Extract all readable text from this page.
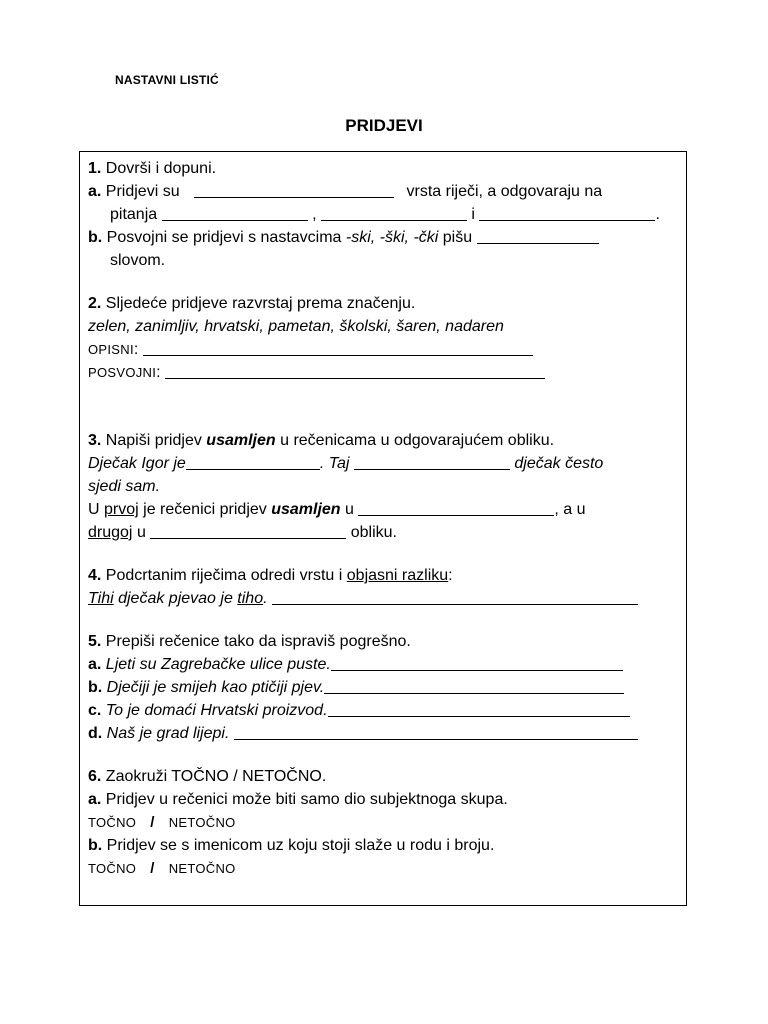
NASTAVNI LISTIĆ
PRIDJEVI
1. Dovrši i dopuni.
a. Pridjevi su	vrsta riječi, a odgovaraju na
pitanja	,	i	.
b. Posvojni se pridjevi s nastavcima -ski, -ški, -čki pišu
slovom.
2. Sljedeće pridjeve razvrstaj prema značenju.
zelen, zanimljiv, hrvatski, pametan, školski, šaren, nadaren
OPISNI:
POSVOJNI:
3. Napiši pridjev usamljen u rečenicama u odgovarajućem obliku.
Dječak Igor je	. Taj	dječak često
sjedi sam.
U prvoj je rečenici pridjev usamljen u	, a u
drugoj u	obliku.
4. Podcrtanim riječima odredi vrstu i objasni razliku:
Tihi dječak pjevao je tiho.
5. Prepiši rečenice tako da ispraviš pogrešno.
a. Ljeti su Zagrebačke ulice puste.
b. Dječiji je smijeh kao ptičiji pjev.
c. To je domaći Hrvatski proizvod.
d. Naš je grad lijepi.
6. Zaokruži TOČNO / NETOČNO.
a. Pridjev u rečenici može biti samo dio subjektnoga skupa.
TOČNO / NETOČNO
b. Pridjev se s imenicom uz koju stoji slaže u rodu i broju.
TOČNO / NETOČNO
